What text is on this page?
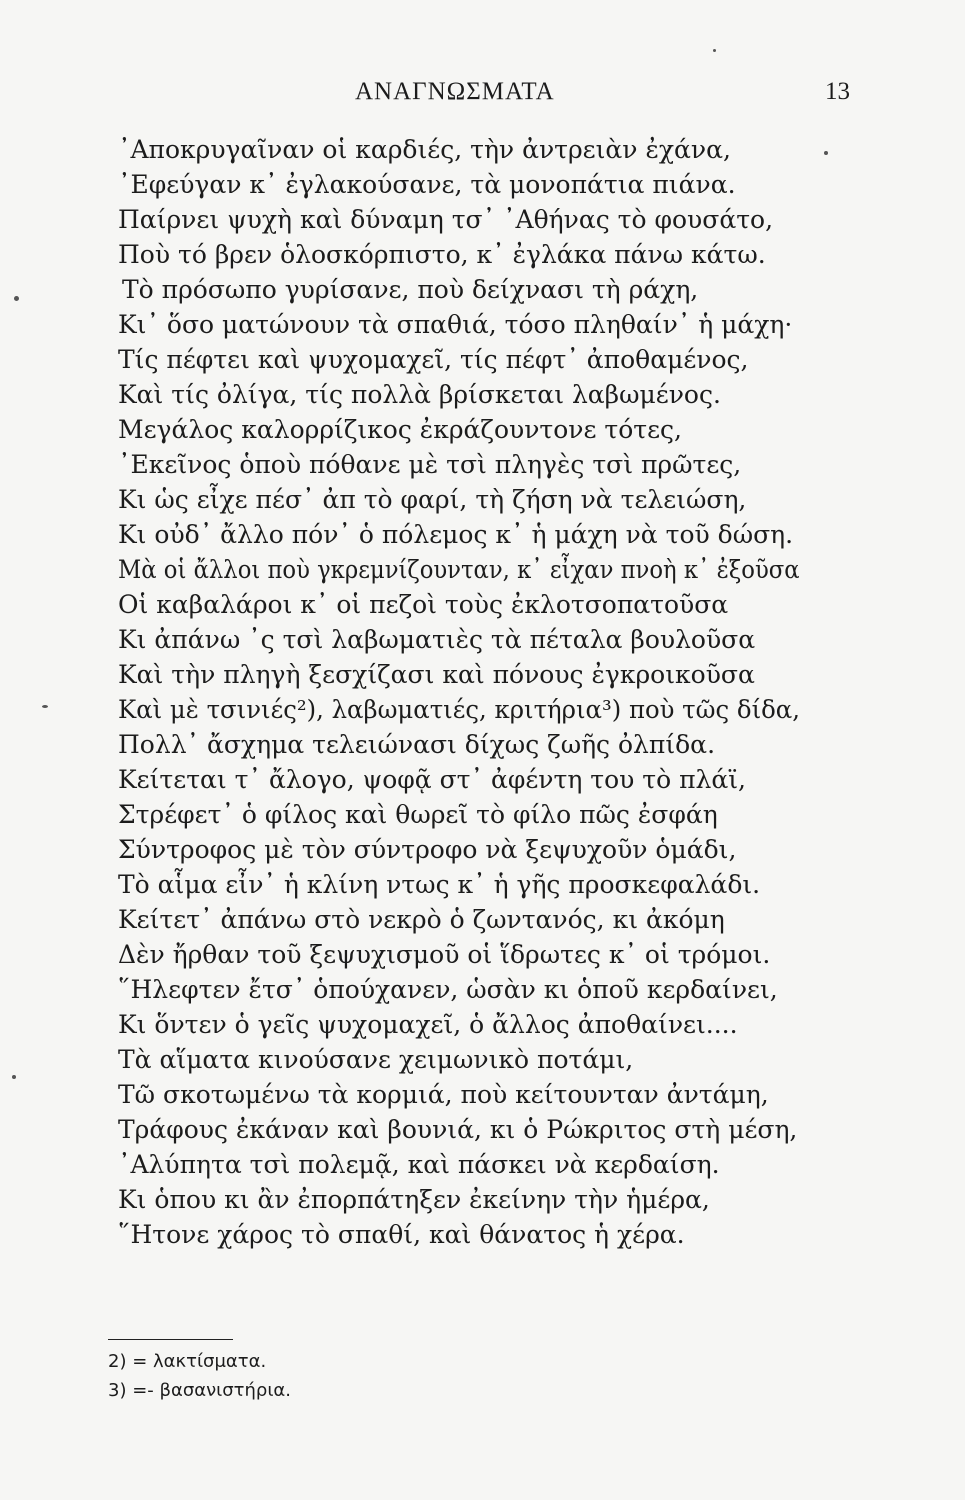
ΑΝΑΓΝΩΣΜΑΤΑ	13
᾿Αποκρυγαῖναν οἱ καρδιές, τὴν ἀντρειὰν ἐχάνα,
᾿Εφεύγαν κ᾿ ἐγλακούσανε, τὰ μονοπάτια πιάνα.
Παίρνει ψυχὴ καὶ δύναμη τσ᾿ ᾿Αθήνας τὸ φουσάτο,
Ποὺ τό βρεν ὁλοσκόρπιστο, κ᾿ ἐγλάκα πάνω κάτω.
Τὸ πρόσωπο γυρίσανε, ποὺ δείχνασι τὴ ράχη,
Κι᾿ ὅσο ματώνουν τὰ σπαθιά, τόσο πληθαίν᾿ ἡ μάχη·
Τίς πέφτει καὶ ψυχομαχεῖ, τίς πέφτ᾿ ἀποθαμένος,
Καὶ τίς ὀλίγα, τίς πολλὰ βρίσκεται λαβωμένος.
Μεγάλος καλορρίζικος ἐκράζουντονε τότες,
᾿Εκεῖνος ὁποὺ πόθανε μὲ τσὶ πληγὲς τσὶ πρῶτες,
Κι ὡς εἶχε πέσ᾿ ἀπ τὸ φαρί, τὴ ζήση νὰ τελειώση,
Κι οὐδ᾿ ἄλλο πόν᾿ ὁ πόλεμος κ᾿ ἡ μάχη νὰ τοῦ δώση.
Μὰ οἱ ἄλλοι ποὺ γκρεμνίζουνταν, κ᾿ εἶχαν πνοὴ κ᾿ ἐξοῦσα
Οἱ καβαλάροι κ᾿ οἱ πεζοὶ τοὺς ἐκλοτσοπατοῦσα
Κι ἀπάνω ᾿ς τσὶ λαβωματιὲς τὰ πέταλα βουλοῦσα
Καὶ τὴν πληγὴ ξεσχίζασι καὶ πόνους ἐγκροικοῦσα
Καὶ μὲ τσινιές²), λαβωματιές, κριτήρια³) ποὺ τῶς δίδα,
Πολλ᾿ ἄσχημα τελειώνασι δίχως ζωῆς ὀλπίδα.
Κείτεται τ᾿ ἄλογο, ψοφᾷ στ᾿ ἀφέντη του τὸ πλάϊ,
Στρέφετ᾿ ὁ φίλος καὶ θωρεῖ τὸ φίλο πῶς ἐσφάη
Σύντροφος μὲ τὸν σύντροφο νὰ ξεψυχοῦν ὁμάδι,
Τὸ αἷμα εἶν᾿ ἡ κλίνη ντως κ᾿ ἡ γῆς προσκεφαλάδι.
Κείτετ᾿ ἀπάνω στὸ νεκρὸ ὁ ζωντανός, κι ἀκόμη
Δὲν ἤρθαν τοῦ ξεψυχισμοῦ οἱ ἵδρωτες κ᾿ οἱ τρόμοι.
῞Ηλεφτεν ἔτσ᾿ ὁπούχανεν, ὡσὰν κι ὁποῦ κερδαίνει,
Κι ὅντεν ὁ γεῖς ψυχομαχεῖ, ὁ ἄλλος ἀποθαίνει....
Τὰ αἵματα κινούσανε χειμωνικὸ ποτάμι,
Τῶ σκοτωμένω τὰ κορμιά, ποὺ κείτουνταν ἀντάμη,
Τράφους ἐκάναν καὶ βουνιά, κι ὁ Ρώκριτος στὴ μέση,
᾿Αλύπητα τσὶ πολεμᾷ, καὶ πάσκει νὰ κερδαίση.
Κι ὁπου κι ἂν ἐπορπάτηξεν ἐκείνην τὴν ἡμέρα,
῞Ητονε χάρος τὸ σπαθί, καὶ θάνατος ἡ χέρα.
2) = λακτίσματα.
3) =- βασανιστήρια.
